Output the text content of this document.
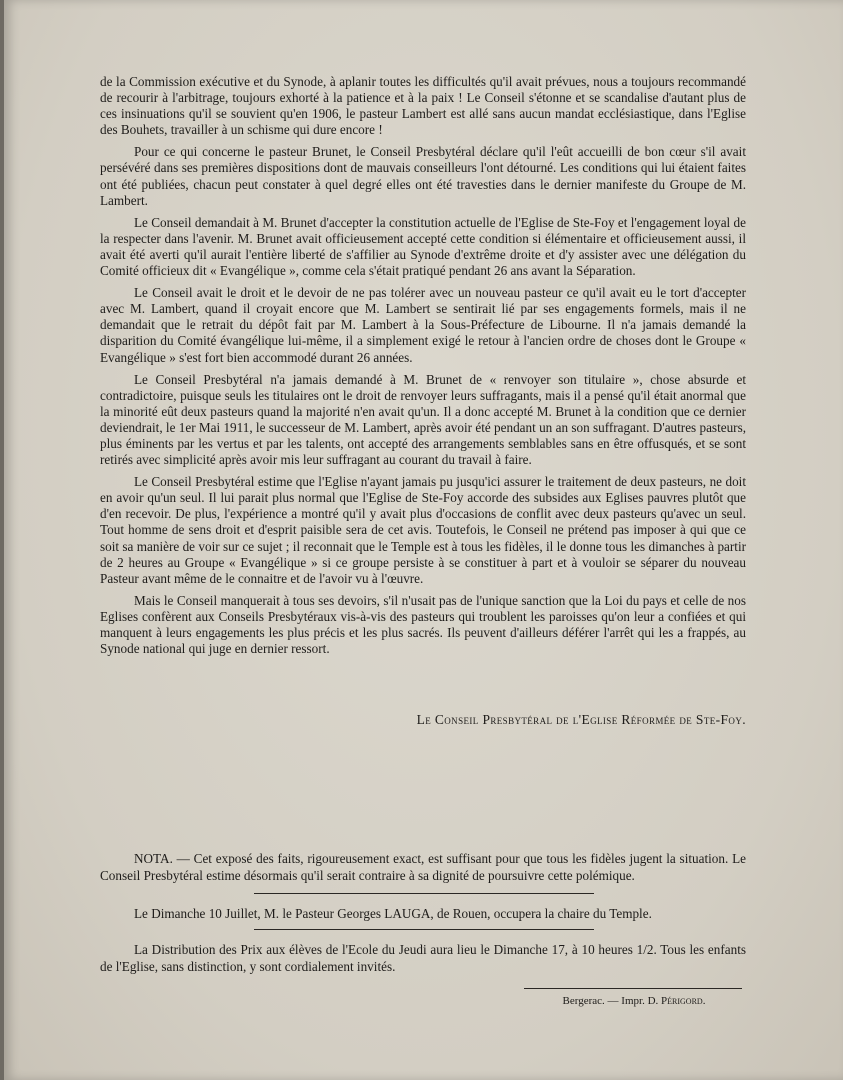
de la Commission exécutive et du Synode, à aplanir toutes les difficultés qu'il avait prévues, nous a toujours recommandé de recourir à l'arbitrage, toujours exhorté à la patience et à la paix ! Le Conseil s'étonne et se scandalise d'autant plus de ces insinuations qu'il se souvient qu'en 1906, le pasteur Lambert est allé sans aucun mandat ecclésiastique, dans l'Eglise des Bouhets, travailler à un schisme qui dure encore !

Pour ce qui concerne le pasteur Brunet, le Conseil Presbytéral déclare qu'il l'eût accueilli de bon cœur s'il avait persévéré dans ses premières dispositions dont de mauvais conseilleurs l'ont détourné. Les conditions qui lui étaient faites ont été publiées, chacun peut constater à quel degré elles ont été travesties dans le dernier manifeste du Groupe de M. Lambert.

Le Conseil demandait à M. Brunet d'accepter la constitution actuelle de l'Eglise de Ste-Foy et l'engagement loyal de la respecter dans l'avenir. M. Brunet avait officieusement accepté cette condition si élémentaire et officieusement aussi, il avait été averti qu'il aurait l'entière liberté de s'affilier au Synode d'extrême droite et d'y assister avec une délégation du Comité officieux dit « Evangélique », comme cela s'était pratiqué pendant 26 ans avant la Séparation.

Le Conseil avait le droit et le devoir de ne pas tolérer avec un nouveau pasteur ce qu'il avait eu le tort d'accepter avec M. Lambert, quand il croyait encore que M. Lambert se sentirait lié par ses engagements formels, mais il ne demandait que le retrait du dépôt fait par M. Lambert à la Sous-Préfecture de Libourne. Il n'a jamais demandé la disparition du Comité évangélique lui-même, il a simplement exigé le retour à l'ancien ordre de choses dont le Groupe « Evangélique » s'est fort bien accommodé durant 26 années.

Le Conseil Presbytéral n'a jamais demandé à M. Brunet de « renvoyer son titulaire », chose absurde et contradictoire, puisque seuls les titulaires ont le droit de renvoyer leurs suffragants, mais il a pensé qu'il était anormal que la minorité eût deux pasteurs quand la majorité n'en avait qu'un. Il a donc accepté M. Brunet à la condition que ce dernier deviendrait, le 1er Mai 1911, le successeur de M. Lambert, après avoir été pendant un an son suffragant. D'autres pasteurs, plus éminents par les vertus et par les talents, ont accepté des arrangements semblables sans en être offusqués, et se sont retirés avec simplicité après avoir mis leur suffragant au courant du travail à faire.

Le Conseil Presbytéral estime que l'Eglise n'ayant jamais pu jusqu'ici assurer le traitement de deux pasteurs, ne doit en avoir qu'un seul. Il lui parait plus normal que l'Eglise de Ste-Foy accorde des subsides aux Eglises pauvres plutôt que d'en recevoir. De plus, l'expérience a montré qu'il y avait plus d'occasions de conflit avec deux pasteurs qu'avec un seul. Tout homme de sens droit et d'esprit paisible sera de cet avis. Toutefois, le Conseil ne prétend pas imposer à qui que ce soit sa manière de voir sur ce sujet ; il reconnait que le Temple est à tous les fidèles, il le donne tous les dimanches à partir de 2 heures au Groupe « Evangélique » si ce groupe persiste à se constituer à part et à vouloir se séparer du nouveau Pasteur avant même de le connaitre et de l'avoir vu à l'œuvre.

Mais le Conseil manquerait à tous ses devoirs, s'il n'usait pas de l'unique sanction que la Loi du pays et celle de nos Eglises confèrent aux Conseils Presbytéraux vis-à-vis des pasteurs qui troublent les paroisses qu'on leur a confiées et qui manquent à leurs engagements les plus précis et les plus sacrés. Ils peuvent d'ailleurs déférer l'arrêt qui les a frappés, au Synode national qui juge en dernier ressort.

Le Conseil Presbytéral de l'Eglise Réformée de Ste-Foy.
NOTA. — Cet exposé des faits, rigoureusement exact, est suffisant pour que tous les fidèles jugent la situation. Le Conseil Presbytéral estime désormais qu'il serait contraire à sa dignité de poursuivre cette polémique.
Le Dimanche 10 Juillet, M. le Pasteur Georges LAUGA, de Rouen, occupera la chaire du Temple.
La Distribution des Prix aux élèves de l'Ecole du Jeudi aura lieu le Dimanche 17, à 10 heures 1/2. Tous les enfants de l'Eglise, sans distinction, y sont cordialement invités.
Bergerac. — Impr. D. Périgord.
